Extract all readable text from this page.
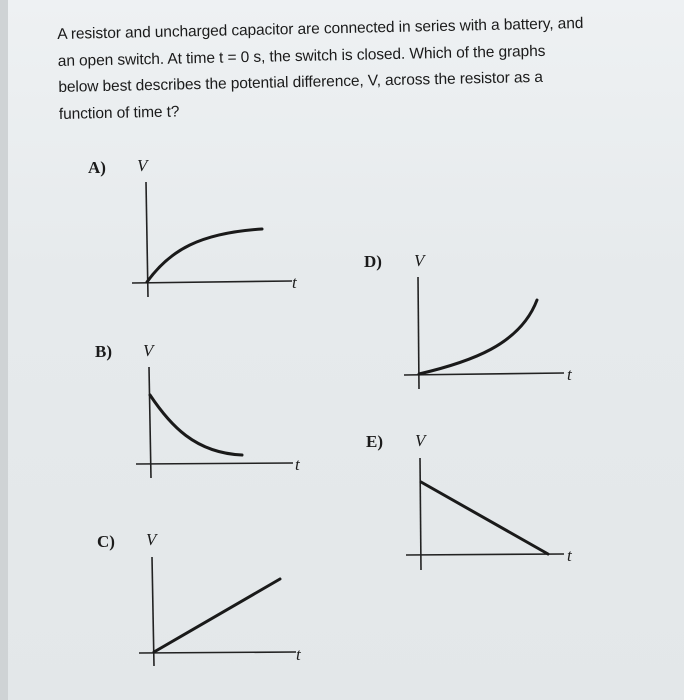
A resistor and uncharged capacitor are connected in series with a battery, and
an open switch. At time t = 0 s, the switch is closed. Which of the graphs
below best describes the potential difference, V, across the resistor as a
function of time t?
A) V
t
B) V
t
C) V
t
D) V
t
E) V
t
